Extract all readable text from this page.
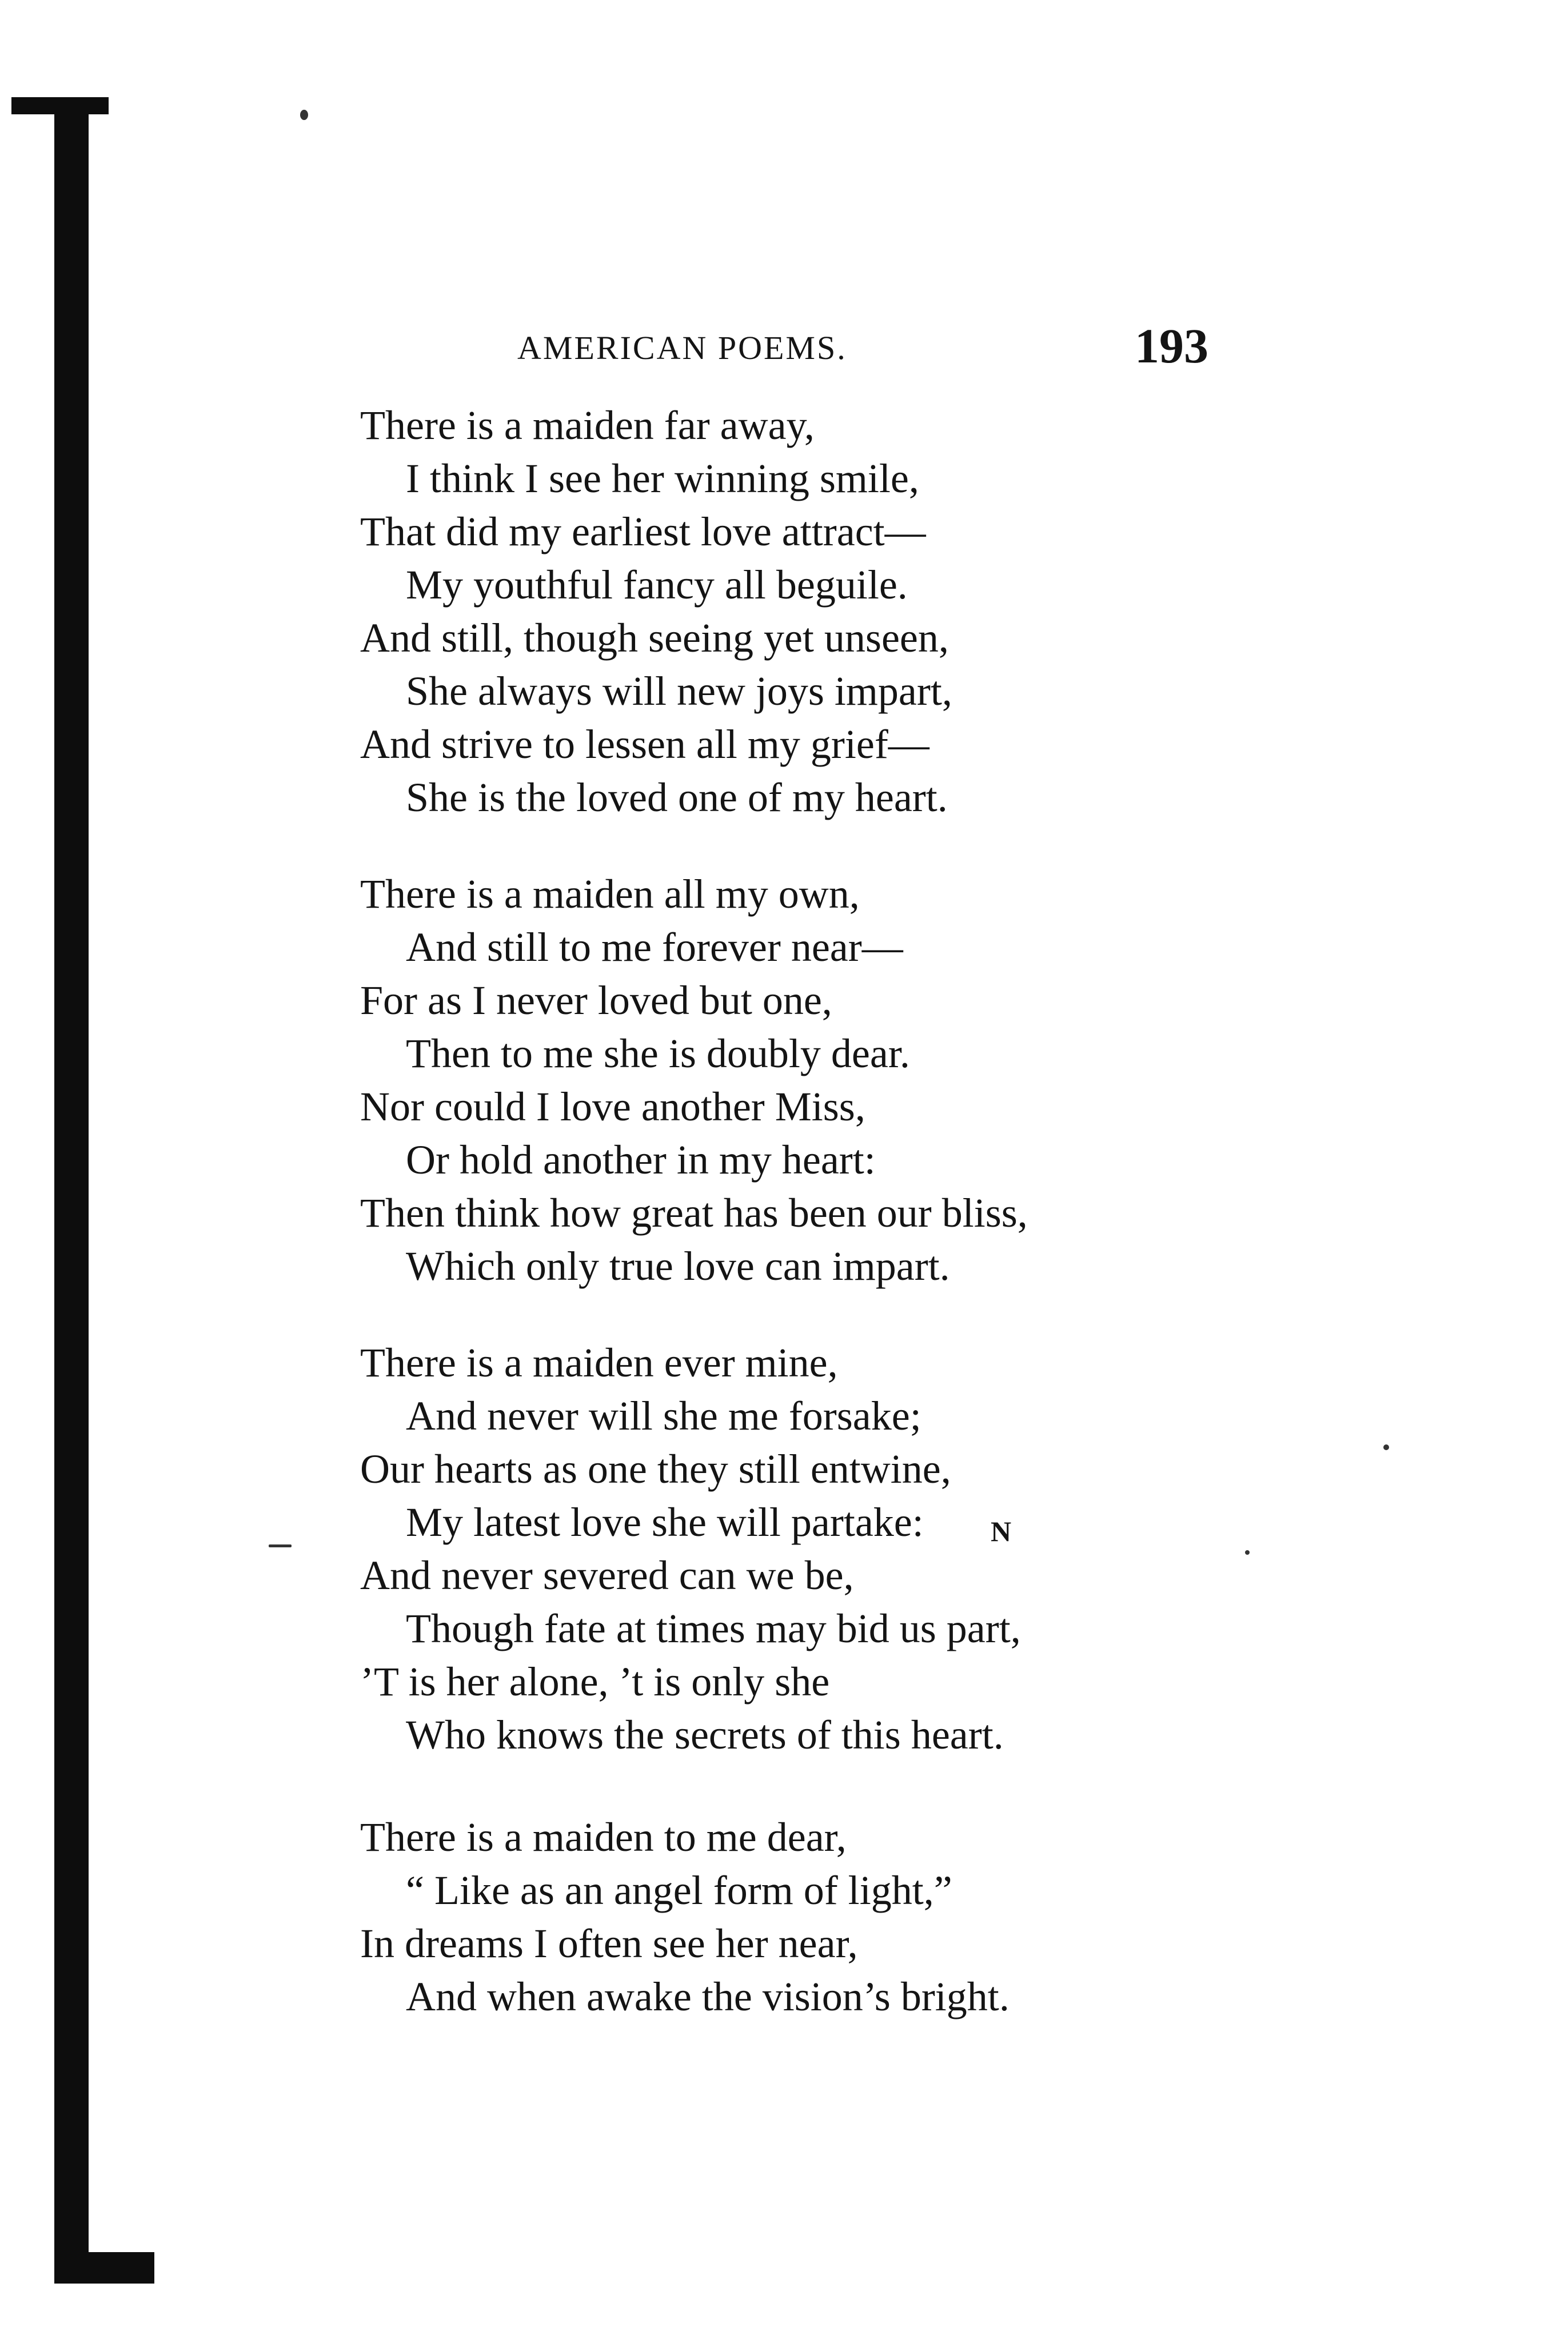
AMERICAN POEMS.	193
There is a maiden far away,
I think I see her winning smile,
That did my earliest love attract—
My youthful fancy all beguile.
And still, though seeing yet unseen,
She always will new joys impart,
And strive to lessen all my grief—
She is the loved one of my heart.
There is a maiden all my own,
And still to me forever near—
For as I never loved but one,
Then to me she is doubly dear.
Nor could I love another Miss,
Or hold another in my heart:
Then think how great has been our bliss,
Which only true love can impart.
There is a maiden ever mine,
And never will she me forsake;
Our hearts as one they still entwine,
My latest love she will partake:
And never severed can we be,
Though fate at times may bid us part,
’T is her alone, ’t is only she
Who knows the secrets of this heart.
There is a maiden to me dear,
“ Like as an angel form of light,”
In dreams I often see her near,
And when awake the vision’s bright.
N
